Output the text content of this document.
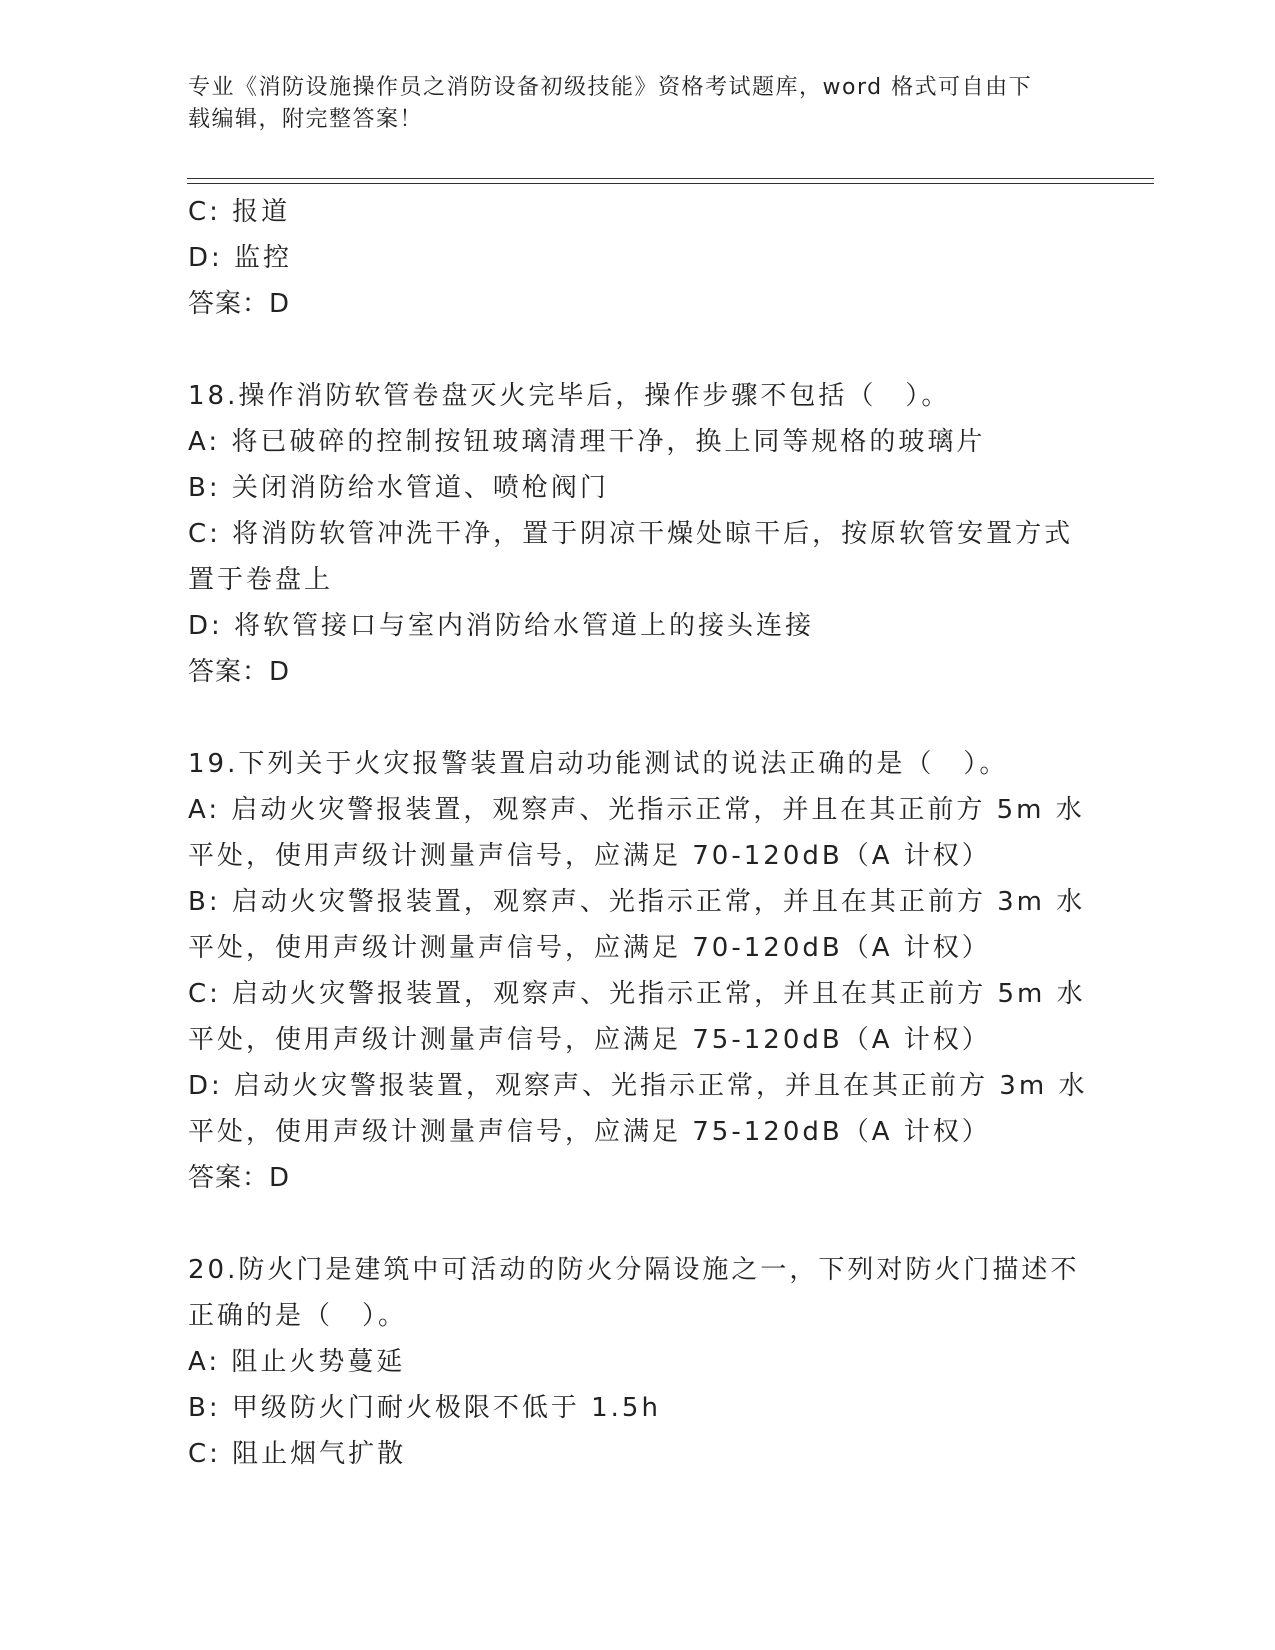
专业《消防设施操作员之消防设备初级技能》资格考试题库，word 格式可自由下
载编辑，附完整答案！
C: 报道
D: 监控
答案：D
18.操作消防软管卷盘灭火完毕后，操作步骤不包括（　）。
A: 将已破碎的控制按钮玻璃清理干净，换上同等规格的玻璃片
B: 关闭消防给水管道、喷枪阀门
C: 将消防软管冲洗干净，置于阴凉干燥处晾干后，按原软管安置方式
置于卷盘上
D: 将软管接口与室内消防给水管道上的接头连接
答案：D
19.下列关于火灾报警装置启动功能测试的说法正确的是（　）。
A: 启动火灾警报装置，观察声、光指示正常，并且在其正前方 5m 水
平处，使用声级计测量声信号，应满足 70-120dB（A 计权）
B: 启动火灾警报装置，观察声、光指示正常，并且在其正前方 3m 水
平处，使用声级计测量声信号，应满足 70-120dB（A 计权）
C: 启动火灾警报装置，观察声、光指示正常，并且在其正前方 5m 水
平处，使用声级计测量声信号，应满足 75-120dB（A 计权）
D: 启动火灾警报装置，观察声、光指示正常，并且在其正前方 3m 水
平处，使用声级计测量声信号，应满足 75-120dB（A 计权）
答案：D
20.防火门是建筑中可活动的防火分隔设施之一，下列对防火门描述不
正确的是（　）。
A: 阻止火势蔓延
B: 甲级防火门耐火极限不低于 1.5h
C: 阻止烟气扩散
